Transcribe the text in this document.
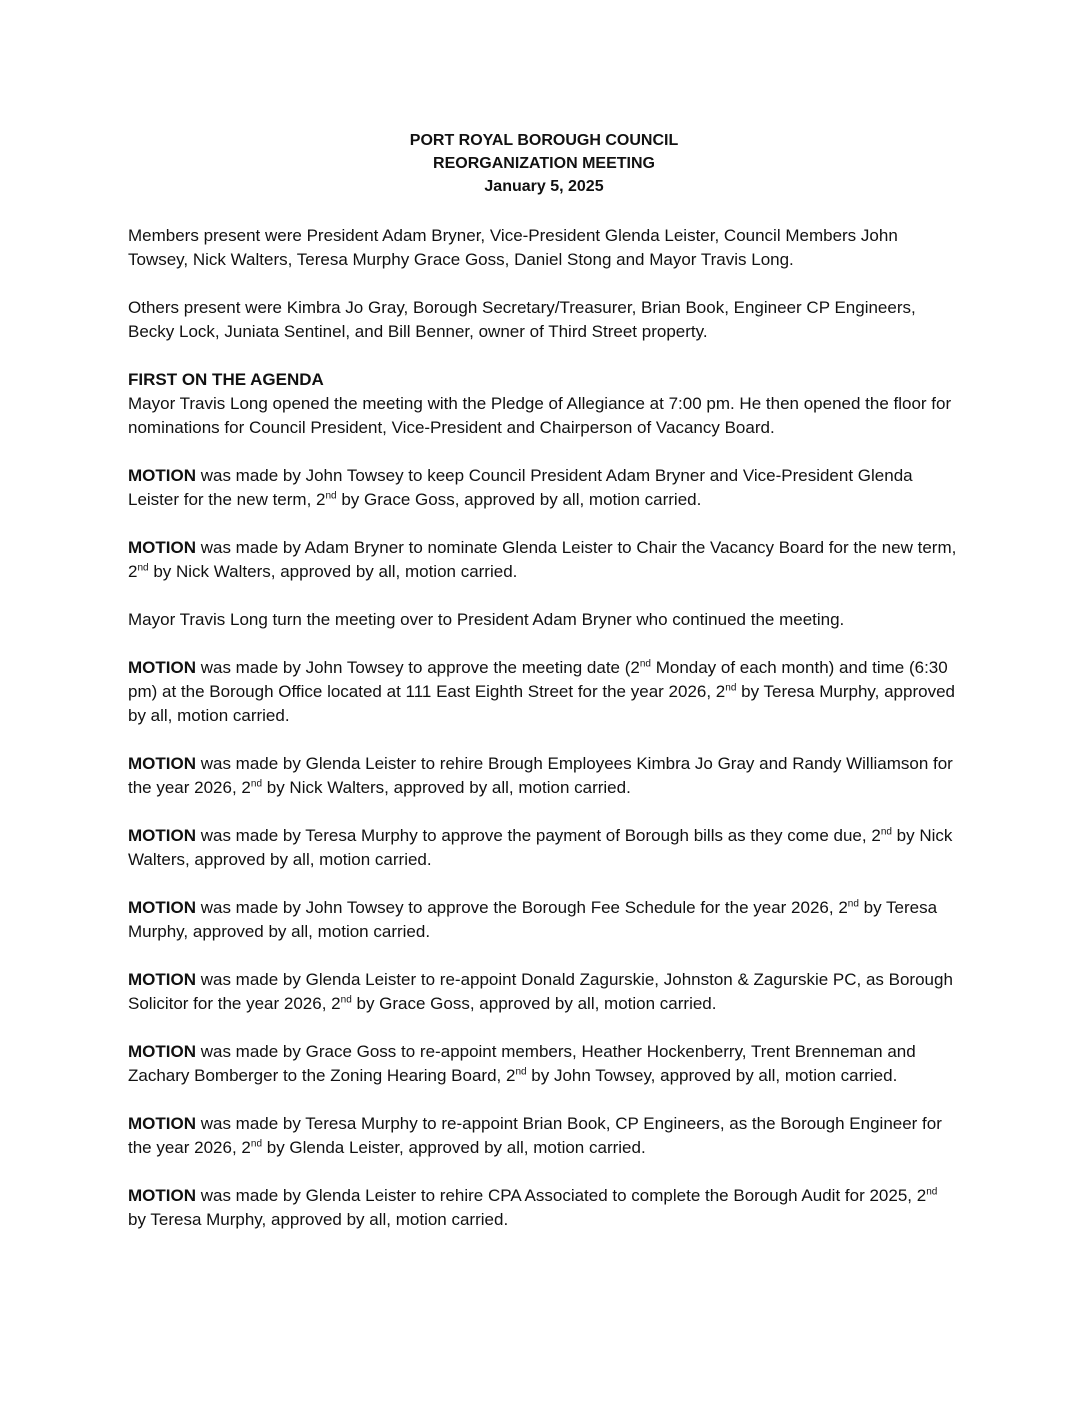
PORT ROYAL BOROUGH COUNCIL
REORGANIZATION MEETING
January 5, 2025

Members present were President Adam Bryner, Vice-President Glenda Leister, Council Members John Towsey, Nick Walters, Teresa Murphy Grace Goss, Daniel Stong and Mayor Travis Long.

Others present were Kimbra Jo Gray, Borough Secretary/Treasurer, Brian Book, Engineer CP Engineers, Becky Lock, Juniata Sentinel, and Bill Benner, owner of Third Street property.

FIRST ON THE AGENDA
Mayor Travis Long opened the meeting with the Pledge of Allegiance at 7:00 pm. He then opened the floor for nominations for Council President, Vice-President and Chairperson of Vacancy Board.

MOTION was made by John Towsey to keep Council President Adam Bryner and Vice-President Glenda Leister for the new term, 2nd by Grace Goss, approved by all, motion carried.

MOTION was made by Adam Bryner to nominate Glenda Leister to Chair the Vacancy Board for the new term, 2nd by Nick Walters, approved by all, motion carried.

Mayor Travis Long turn the meeting over to President Adam Bryner who continued the meeting.

MOTION was made by John Towsey to approve the meeting date (2nd Monday of each month) and time (6:30 pm) at the Borough Office located at 111 East Eighth Street for the year 2026, 2nd by Teresa Murphy, approved by all, motion carried.

MOTION was made by Glenda Leister to rehire Brough Employees Kimbra Jo Gray and Randy Williamson for the year 2026, 2nd by Nick Walters, approved by all, motion carried.

MOTION was made by Teresa Murphy to approve the payment of Borough bills as they come due, 2nd by Nick Walters, approved by all, motion carried.

MOTION was made by John Towsey to approve the Borough Fee Schedule for the year 2026, 2nd by Teresa Murphy, approved by all, motion carried.

MOTION was made by Glenda Leister to re-appoint Donald Zagurskie, Johnston & Zagurskie PC, as Borough Solicitor for the year 2026, 2nd by Grace Goss, approved by all, motion carried.

MOTION was made by Grace Goss to re-appoint members, Heather Hockenberry, Trent Brenneman and Zachary Bomberger to the Zoning Hearing Board, 2nd by John Towsey, approved by all, motion carried.

MOTION was made by Teresa Murphy to re-appoint Brian Book, CP Engineers, as the Borough Engineer for the year 2026, 2nd by Glenda Leister, approved by all, motion carried.

MOTION was made by Glenda Leister to rehire CPA Associated to complete the Borough Audit for 2025, 2nd by Teresa Murphy, approved by all, motion carried.
